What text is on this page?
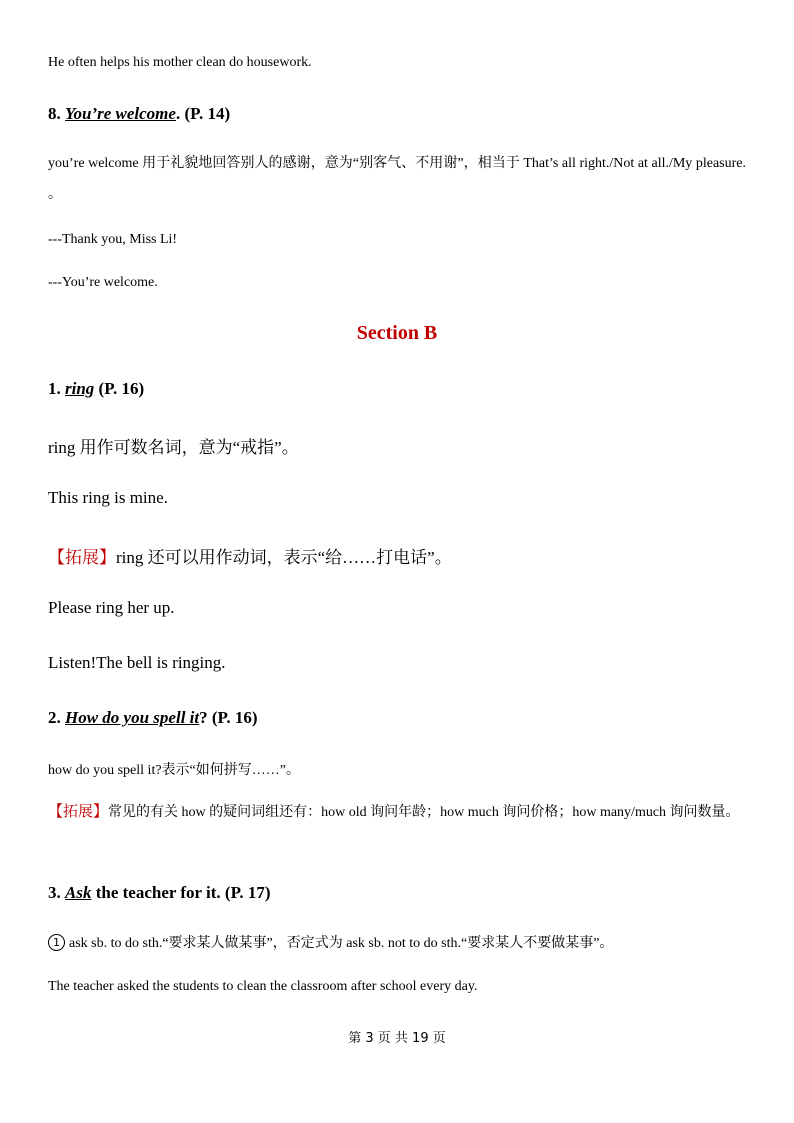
He often helps his mother clean do housework.
8. You’re welcome. (P. 14)
you’re welcome 用于礼貌地回答别人的感谢，意为“别客气、不用谢”，相当于 That’s all right./Not at all./My pleasure. 。
---Thank you, Miss Li!
---You’re welcome.
Section B
1. ring (P. 16)
ring 用作可数名词，意为“戒指”。
This ring is mine.
【拓展】ring 还可以用作动词，表示“给……打电话”。
Please ring her up.
Listen!The bell is ringing.
2. How do you spell it? (P. 16)
how do you spell it?表示“如何拼写……”。
【拓展】常见的有关 how 的疑问词组还有：how old 询问年龄；how much 询问价格；how many/much 询问数量。
3. Ask the teacher for it. (P. 17)
1 ask sb. to do sth.“要求某人做某事”，否定式为 ask sb. not to do sth.“要求某人不要做某事”。
The teacher asked the students to clean the classroom after school every day.
第 3 页 共 19 页
